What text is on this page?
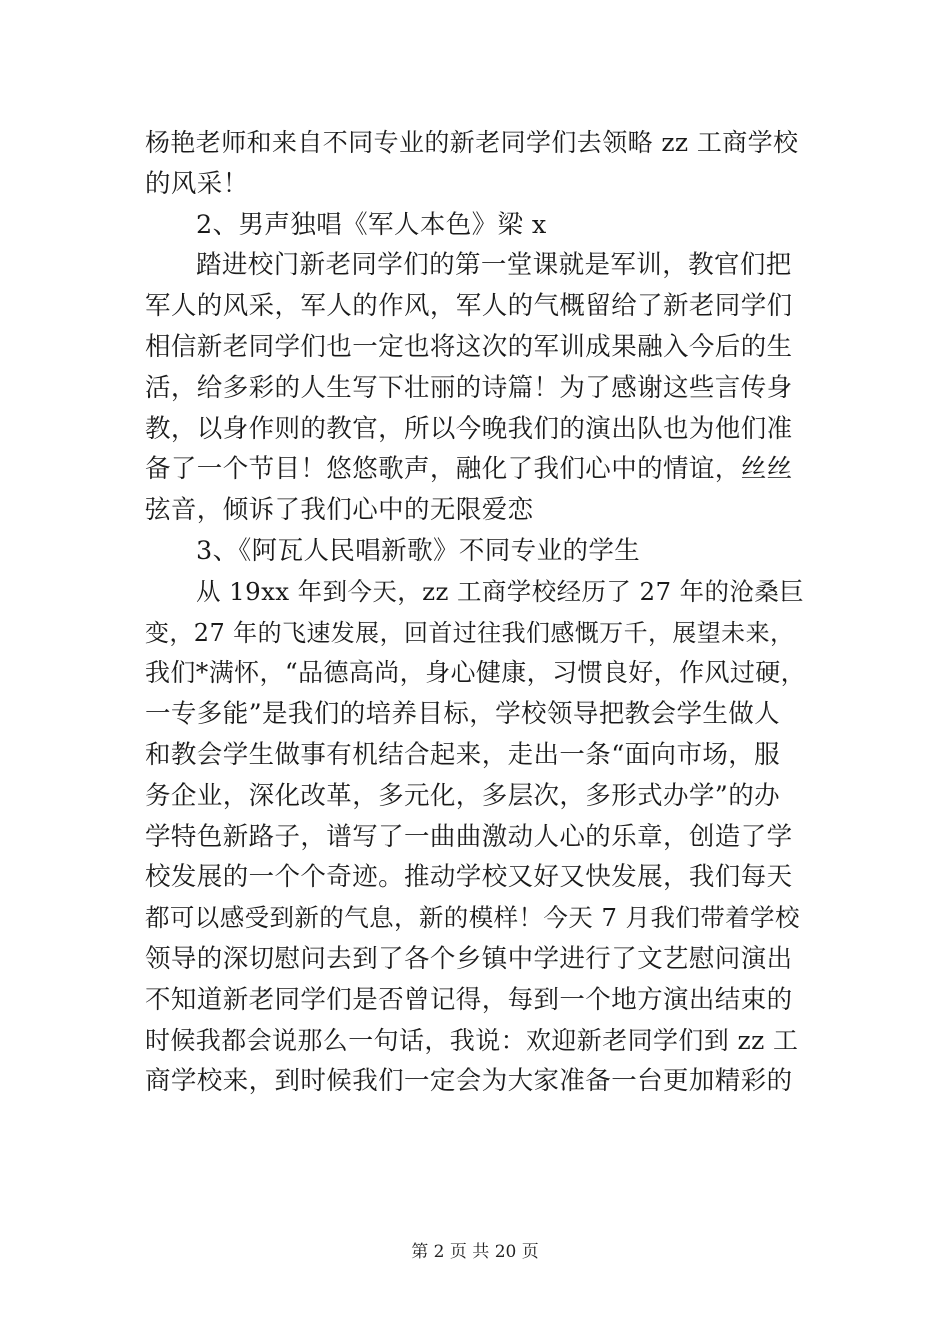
杨艳老师和来自不同专业的新老同学们去领略 zz 工商学校
的风采！
2、男声独唱《军人本色》梁 x
踏进校门新老同学们的第一堂课就是军训，教官们把
军人的风采，军人的作风，军人的气概留给了新老同学们
相信新老同学们也一定也将这次的军训成果融入今后的生
活，给多彩的人生写下壮丽的诗篇！为了感谢这些言传身
教，以身作则的教官，所以今晚我们的演出队也为他们准
备了一个节目！悠悠歌声，融化了我们心中的情谊，丝丝
弦音，倾诉了我们心中的无限爱恋
3、《阿瓦人民唱新歌》不同专业的学生
从 19xx 年到今天，zz 工商学校经历了 27 年的沧桑巨
变，27 年的飞速发展，回首过往我们感慨万千，展望未来，
我们*满怀，“品德高尚，身心健康，习惯良好，作风过硬，
一专多能”是我们的培养目标，学校领导把教会学生做人
和教会学生做事有机结合起来，走出一条“面向市场，服
务企业，深化改革，多元化，多层次，多形式办学”的办
学特色新路子，谱写了一曲曲激动人心的乐章，创造了学
校发展的一个个奇迹。推动学校又好又快发展，我们每天
都可以感受到新的气息，新的模样！今天 7 月我们带着学校
领导的深切慰问去到了各个乡镇中学进行了文艺慰问演出
不知道新老同学们是否曾记得，每到一个地方演出结束的
时候我都会说那么一句话，我说：欢迎新老同学们到 zz 工
商学校来，到时候我们一定会为大家准备一台更加精彩的
第 2 页 共 20 页
